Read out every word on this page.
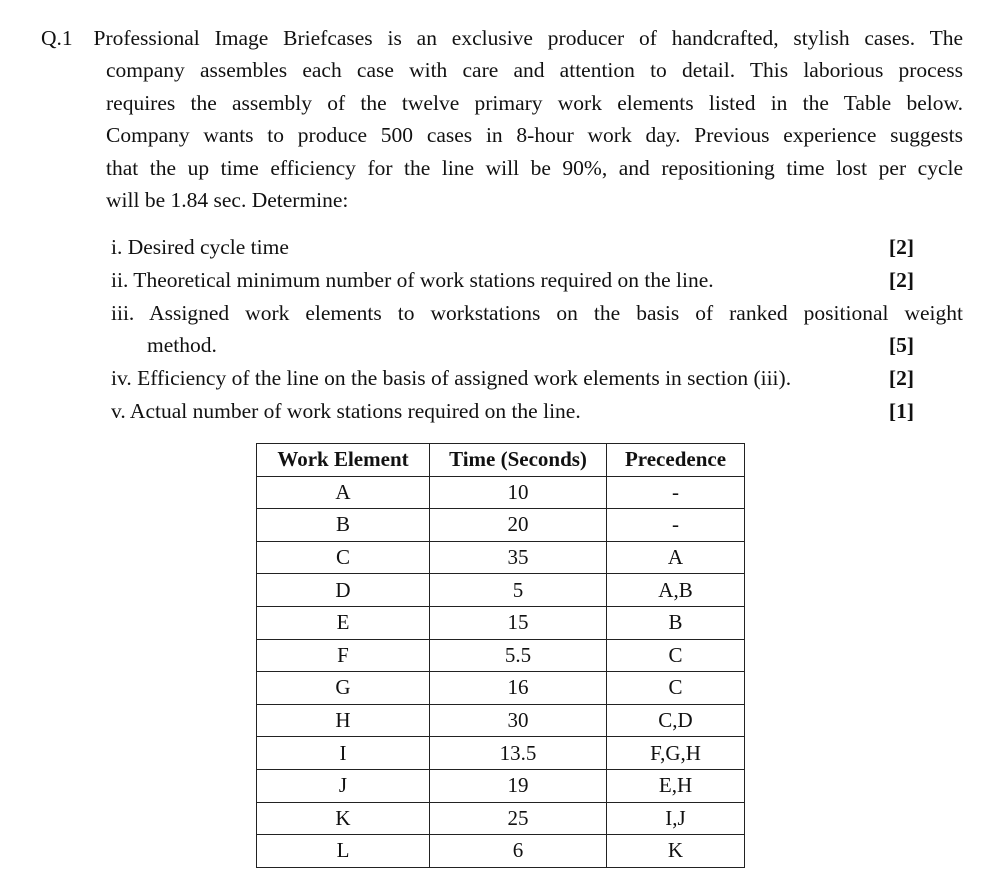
Q.1 Professional Image Briefcases is an exclusive producer of handcrafted, stylish cases. The
company assembles each case with care and attention to detail. This laborious process
requires the assembly of the twelve primary work elements listed in the Table below.
Company wants to produce 500 cases in 8-hour work day. Previous experience suggests
that the up time efficiency for the line will be 90%, and repositioning time lost per cycle
will be 1.84 sec. Determine:
i. Desired cycle time	[2]
ii. Theoretical minimum number of work stations required on the line.	[2]
iii. Assigned work elements to workstations on the basis of ranked positional weight
method.	[5]
iv. Efficiency of the line on the basis of assigned work elements in section (iii).	[2]
v. Actual number of work stations required on the line.	[1]
Work Element	Time (Seconds)	Precedence
A	10	-
B	20	-
C	35	A
D	5	A,B
E	15	B
F	5.5	C
G	16	C
H	30	C,D
I	13.5	F,G,H
J	19	E,H
K	25	I,J
L	6	K
